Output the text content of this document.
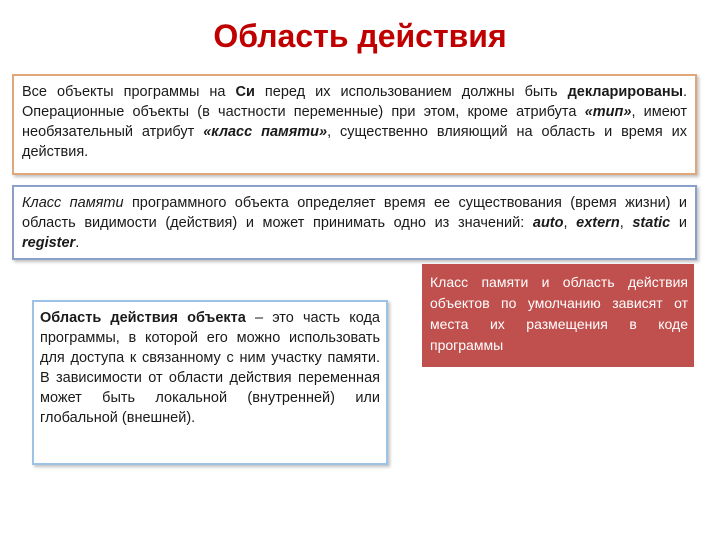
Область действия
Все объекты программы на Си перед их использованием должны быть декларированы. Операционные объекты (в частности переменные) при этом, кроме атрибута «тип», имеют необязательный атрибут «класс памяти», существенно влияющий на область и время их действия.
Класс памяти программного объекта определяет время ее существования (время жизни) и область видимости (действия) и может принимать одно из значений: auto, extern, static и register.
Область действия объекта – это часть кода программы, в которой его можно использовать для доступа к связанному с ним участку памяти. В зависимости от области действия переменная может быть локальной (внутренней) или глобальной (внешней).
Класс памяти и область действия объектов по умолчанию зависят от места их размещения в коде программы
